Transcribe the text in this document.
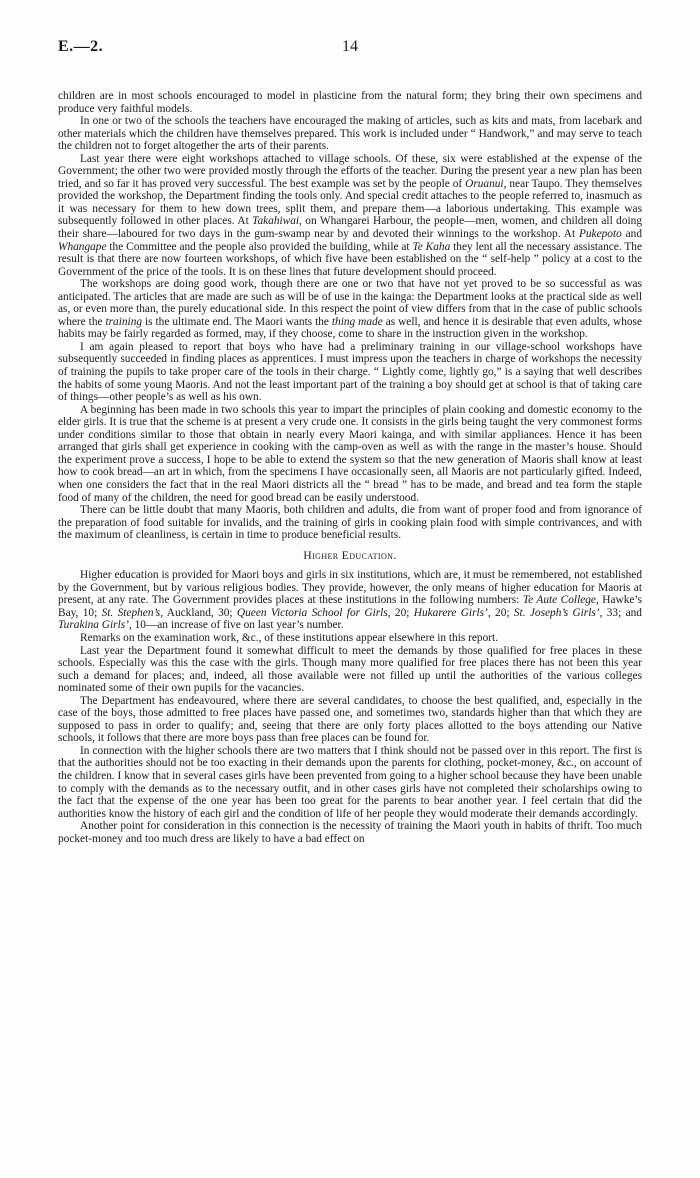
E.—2.	14

children are in most schools encouraged to model in plasticine from the natural form; they bring their own specimens and produce very faithful models.

In one or two of the schools the teachers have encouraged the making of articles, such as kits and mats, from lacebark and other materials which the children have themselves prepared. This work is included under “ Handwork,” and may serve to teach the children not to forget altogether the arts of their parents.

Last year there were eight workshops attached to village schools. Of these, six were established at the expense of the Government; the other two were provided mostly through the efforts of the teacher. During the present year a new plan has been tried, and so far it has proved very successful. The best example was set by the people of Oruanui, near Taupo. They themselves provided the workshop, the Department finding the tools only. And special credit attaches to the people referred to, inasmuch as it was necessary for them to hew down trees, split them, and prepare them—a laborious undertaking. This example was subsequently followed in other places. At Takahiwai, on Whangarei Harbour, the people—men, women, and children all doing their share—laboured for two days in the gum-swamp near by and devoted their winnings to the workshop. At Pukepoto and Whangape the Committee and the people also provided the building, while at Te Kaha they lent all the necessary assistance. The result is that there are now fourteen workshops, of which five have been established on the “ self-help ” policy at a cost to the Government of the price of the tools. It is on these lines that future development should proceed.

The workshops are doing good work, though there are one or two that have not yet proved to be so successful as was anticipated. The articles that are made are such as will be of use in the kainga: the Department looks at the practical side as well as, or even more than, the purely educational side. In this respect the point of view differs from that in the case of public schools where the training is the ultimate end. The Maori wants the thing made as well, and hence it is desirable that even adults, whose habits may be fairly regarded as formed, may, if they choose, come to share in the instruction given in the workshop.

I am again pleased to report that boys who have had a preliminary training in our village-school workshops have subsequently succeeded in finding places as apprentices. I must impress upon the teachers in charge of workshops the necessity of training the pupils to take proper care of the tools in their charge. “ Lightly come, lightly go,” is a saying that well describes the habits of some young Maoris. And not the least important part of the training a boy should get at school is that of taking care of things—other people’s as well as his own.

A beginning has been made in two schools this year to impart the principles of plain cooking and domestic economy to the elder girls. It is true that the scheme is at present a very crude one. It consists in the girls being taught the very commonest forms under conditions similar to those that obtain in nearly every Maori kainga, and with similar appliances. Hence it has been arranged that girls shall get experience in cooking with the camp-oven as well as with the range in the master’s house. Should the experiment prove a success, I hope to be able to extend the system so that the new generation of Maoris shall know at least how to cook bread—an art in which, from the specimens I have occasionally seen, all Maoris are not particularly gifted. Indeed, when one considers the fact that in the real Maori districts all the “ bread ” has to be made, and bread and tea form the staple food of many of the children, the need for good bread can be easily understood.

There can be little doubt that many Maoris, both children and adults, die from want of proper food and from ignorance of the preparation of food suitable for invalids, and the training of girls in cooking plain food with simple contrivances, and with the maximum of cleanliness, is certain in time to produce beneficial results.

Higher Education.

Higher education is provided for Maori boys and girls in six institutions, which are, it must be remembered, not established by the Government, but by various religious bodies. They provide, however, the only means of higher education for Maoris at present, at any rate. The Government provides places at these institutions in the following numbers: Te Aute College, Hawke’s Bay, 10; St. Stephen’s, Auckland, 30; Queen Victoria School for Girls, 20; Hukarere Girls’, 20; St. Joseph’s Girls’, 33; and Turakina Girls’, 10—an increase of five on last year’s number.

Remarks on the examination work, &c., of these institutions appear elsewhere in this report.

Last year the Department found it somewhat difficult to meet the demands by those qualified for free places in these schools. Especially was this the case with the girls. Though many more qualified for free places there has not been this year such a demand for places; and, indeed, all those available were not filled up until the authorities of the various colleges nominated some of their own pupils for the vacancies.

The Department has endeavoured, where there are several candidates, to choose the best qualified, and, especially in the case of the boys, those admitted to free places have passed one, and sometimes two, standards higher than that which they are supposed to pass in order to qualify; and, seeing that there are only forty places allotted to the boys attending our Native schools, it follows that there are more boys pass than free places can be found for.

In connection with the higher schools there are two matters that I think should not be passed over in this report. The first is that the authorities should not be too exacting in their demands upon the parents for clothing, pocket-money, &c., on account of the children. I know that in several cases girls have been prevented from going to a higher school because they have been unable to comply with the demands as to the necessary outfit, and in other cases girls have not completed their scholarships owing to the fact that the expense of the one year has been too great for the parents to bear another year. I feel certain that did the authorities know the history of each girl and the condition of life of her people they would moderate their demands accordingly.

Another point for consideration in this connection is the necessity of training the Maori youth in habits of thrift. Too much pocket-money and too much dress are likely to have a bad effect on
